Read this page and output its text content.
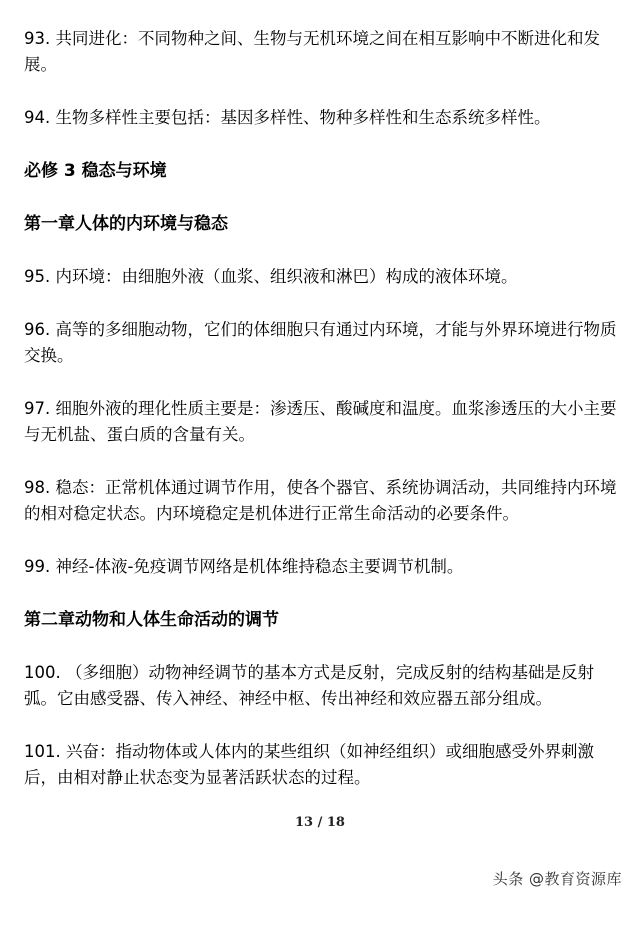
93. 共同进化：不同物种之间、生物与无机环境之间在相互影响中不断进化和发展。

94. 生物多样性主要包括：基因多样性、物种多样性和生态系统多样性。

必修 3 稳态与环境

第一章人体的内环境与稳态

95. 内环境：由细胞外液（血浆、组织液和淋巴）构成的液体环境。

96. 高等的多细胞动物，它们的体细胞只有通过内环境，才能与外界环境进行物质交换。

97. 细胞外液的理化性质主要是：渗透压、酸碱度和温度。血浆渗透压的大小主要与无机盐、蛋白质的含量有关。

98. 稳态：正常机体通过调节作用，使各个器官、系统协调活动，共同维持内环境的相对稳定状态。内环境稳定是机体进行正常生命活动的必要条件。

99. 神经-体液-免疫调节网络是机体维持稳态主要调节机制。

第二章动物和人体生命活动的调节

100. （多细胞）动物神经调节的基本方式是反射，完成反射的结构基础是反射弧。它由感受器、传入神经、神经中枢、传出神经和效应器五部分组成。

101. 兴奋：指动物体或人体内的某些组织（如神经组织）或细胞感受外界刺激后，由相对静止状态变为显著活跃状态的过程。

13 / 18
头条 @教育资源库
